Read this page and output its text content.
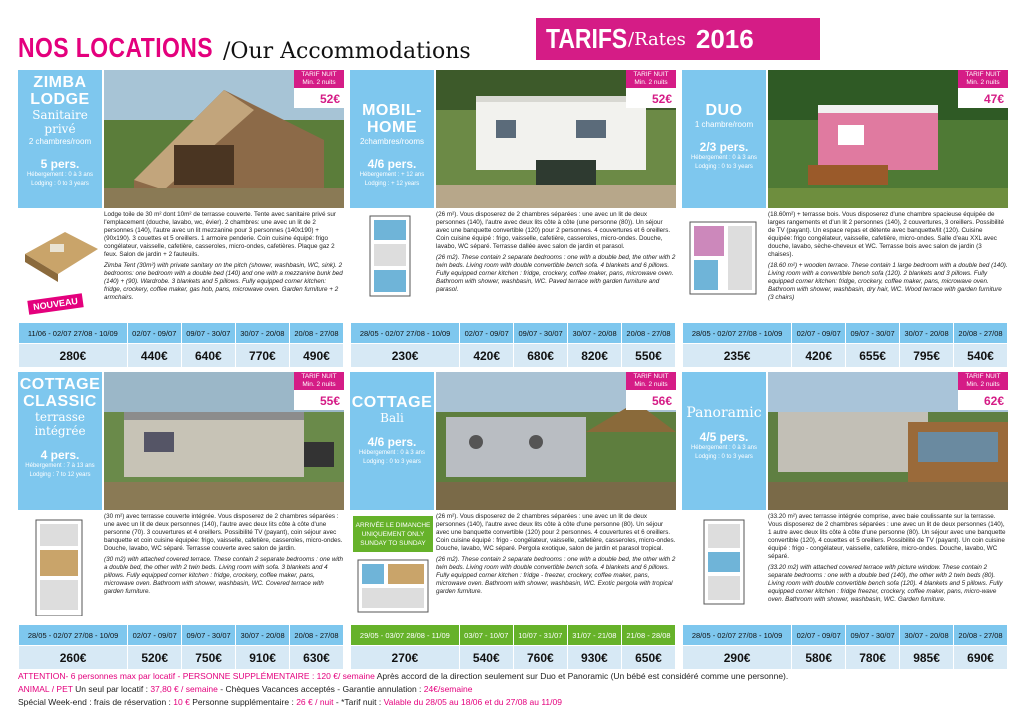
NOS LOCATIONS /Our Accommodations	TARIFS /Rates 2016
ZIMBA LODGE
Sanitaire privé
2 chambres/room
5 pers.
Hébergement : 0 à 3 ans
Lodging : 0 to 3 years
TARIF NUIT
Min. 2 nuits
52€
NOUVEAU

Lodge toile de 30 m² dont 10m² de terrasse couverte. Tente avec sanitaire privé sur l'emplacement (douche, lavabo, wc, évier). 2 chambres: une avec un lit de 2 personnes (140), l'autre avec un lit mezzanine pour 3 personnes (140x190) + (90x190). 3 couettes et 5 oreillers. 1 armoire penderie. Coin cuisine équipé: frigo congélateur, vaisselle, cafetière, casseroles, micro-ondes, cafetières. Plaque gaz 2 feux. Salon de jardin + 2 fauteuils.

Zimba Tent (30m²) with private sanitary on the pitch (shower, washbasin, WC, sink). 2 bedrooms: one bedroom with a double bed (140) and one with a mezzanine bunk bed (140) + (90). Wardrobe. 3 blankets and 5 pillows. Fully equipped corner kitchen: fridge, crockery, coffee maker, gas hob, pans, microwave oven. Garden furniture + 2 armchairs.

11/06 - 02/07 27/08 - 10/09	02/07 - 09/07	09/07 - 30/07	30/07 - 20/08	20/08 - 27/08
280€	440€	640€	770€	490€
MOBIL-HOME
2chambres/rooms
4/6 pers.
Hébergement : + 12 ans
Lodging : + 12 years
TARIF NUIT
Min. 2 nuits
52€

(26 m²). Vous disposerez de 2 chambres séparées : une avec un lit de deux personnes (140), l'autre avec deux lits côte à côte (une personne (80)). Un séjour avec une banquette convertible (120) pour 2 personnes. 4 couvertures et 6 oreillers. Coin cuisine équipé : frigo, vaisselle, cafetière, casseroles, micro-ondes. Douche, lavabo, WC séparé. Terrasse dallée avec salon de jardin et parasol.

(26 m2). These contain 2 separate bedrooms : one with a double bed, the other with 2 twin beds. Living room with double convertible bench sofa. 4 blankets and 6 pillows. Fully equipped corner kitchen : fridge, crockery, coffee maker, pans, microwave oven. Bathroom with shower, washbasin, WC. Paved terrace with garden furniture and parasol.

28/05 - 02/07 27/08 - 10/09	02/07 - 09/07	09/07 - 30/07	30/07 - 20/08	20/08 - 27/08
230€	420€	680€	820€	550€
DUO
1 chambre/room
2/3 pers.
Hébergement : 0 à 3 ans
Lodging : 0 to 3 years
TARIF NUIT
Min. 2 nuits
47€

(18.60m²) + terrasse bois. Vous disposerez d'une chambre spacieuse équipée de larges rangements et d'un lit 2 personnes (140), 2 couvertures, 3 oreillers. Possibilité de TV (payant). Un espace repas et détente avec banquette/lit (120). Cuisine équipée: frigo congélateur, vaisselle, cafetière, micro-ondes. Salle d'eau XXL avec douche, lavabo, sèche-cheveux et WC. Terrasse bois avec salon de jardin (3 chaises).

(18.60 m²) + wooden terrace. These contain 1 large bedroom with a double bed (140). Living room with a convertible bench sofa (120). 2 blankets and 3 pillows. Fully equipped corner kitchen: fridge, crockery, coffee maker, pans, microwave oven. Bathroom with shower, washbasin, dry hair, WC. Wood terrace with garden furniture (3 chairs)

28/05 - 02/07 27/08 - 10/09	02/07 - 09/07	09/07 - 30/07	30/07 - 20/08	20/08 - 27/08
235€	420€	655€	795€	540€
COTTAGE CLASSIC
terrasse intégrée
4 pers.
Hébergement : 7 à 13 ans
Lodging : 7 to 12 years
TARIF NUIT
Min. 2 nuits
55€

(30 m²) avec terrasse couverte intégrée. Vous disposerez de 2 chambres séparées : une avec un lit de deux personnes (140), l'autre avec deux lits côte à côte d'une personne (70). 3 couvertures et 4 oreillers. Possibilité TV (payant), coin séjour avec banquette et coin cuisine équipée: frigo, vaisselle, cafetière, casseroles, micro-ondes. Douche, lavabo, WC séparé. Terrasse couverte avec salon de jardin.

(30 m2) with attached covered terrace. These contain 2 separate bedrooms : one with a double bed, the other with 2 twin beds. Living room with sofa. 3 blankets and 4 pillows. Fully equipped corner kitchen : fridge, crockery, coffee maker, pans, microwave oven. Bathroom with shower, washbasin, WC. Covered terrace with garden furniture.

28/05 - 02/07 27/08 - 10/09	02/07 - 09/07	09/07 - 30/07	30/07 - 20/08	20/08 - 27/08
260€	520€	750€	910€	630€
COTTAGE
Bali
4/6 pers.
Hébergement : 0 à 3 ans
Lodging : 0 to 3 years
TARIF NUIT
Min. 2 nuits
56€
ARRIVÉE LE DIMANCHE UNIQUEMENT ONLY SUNDAY TO SUNDAY

(26 m²). Vous disposerez de 2 chambres séparées : une avec un lit de deux personnes (140), l'autre avec deux lits côte à côte d'une personne (80). Un séjour avec une banquette convertible (120) pour 2 personnes. 4 couvertures et 6 oreillers. Coin cuisine équipé : frigo - congélateur, vaisselle, cafetière, casseroles, micro-ondes. Douche, lavabo, WC séparé. Pergola exotique, salon de jardin et parasol tropical.

(26 m2). These contain 2 separate bedrooms : one with a double bed, the other with 2 twin beds. Living room with double convertible bench sofa. 4 blankets and 6 pillows. Fully equipped corner kitchen : fridge - freezer, crockery, coffee maker, pans, microwave oven. Bathroom with shower, washbasin, WC. Exotic pergola with tropical garden furniture.

29/05 - 03/07 28/08 - 11/09	03/07 - 10/07	10/07 - 31/07	31/07 - 21/08	21/08 - 28/08
270€	540€	760€	930€	650€
Panoramic
4/5 pers.
Hébergement : 0 à 3 ans
Lodging : 0 to 3 years
TARIF NUIT
Min. 2 nuits
62€

(33.20 m²) avec terrasse intégrée comprise, avec baie coulissante sur la terrasse. Vous disposerez de 2 chambres séparées : une avec un lit de deux personnes (140), 1 autre avec deux lits côte à côte d'une personne (80). Un séjour avec une banquette convertible (120), 4 couettes et 5 oreillers. Possibilité de TV (payant). Un coin cuisine équipé : frigo - congélateur, vaisselle, cafetière, micro-ondes. Douche, lavabo, WC séparé.

(33.20 m2) with attached covered terrace with picture window. These contain 2 separate bedrooms : one with a double bed (140), the other with 2 twin beds (80). Living room with double convertible bench sofa (120). 4 blankets and 5 pillows. Fully equipped corner kitchen : fridge freezer, crockery, coffee maker, pans, micro-wave oven. Bathroom with shower, washbasin, WC. Garden furniture.

28/05 - 02/07 27/08 - 10/09	02/07 - 09/07	09/07 - 30/07	30/07 - 20/08	20/08 - 27/08
290€	580€	780€	985€	690€
ATTENTION- 6 personnes max par locatif - PERSONNE SUPPLÉMENTAIRE : 120 €/ semaine Après accord de la direction seulement sur Duo et Panoramic (Un bébé est considéré comme une personne).
ANIMAL / PET Un seul par locatif : 37,80 € / semaine - Chèques Vacances acceptés - Garantie annulation : 24€/semaine
Spécial Week-end : frais de réservation : 10 € Personne supplémentaire : 26 € / nuit - *Tarif nuit : Valable du 28/05 au 18/06 et du 27/08 au 11/09
